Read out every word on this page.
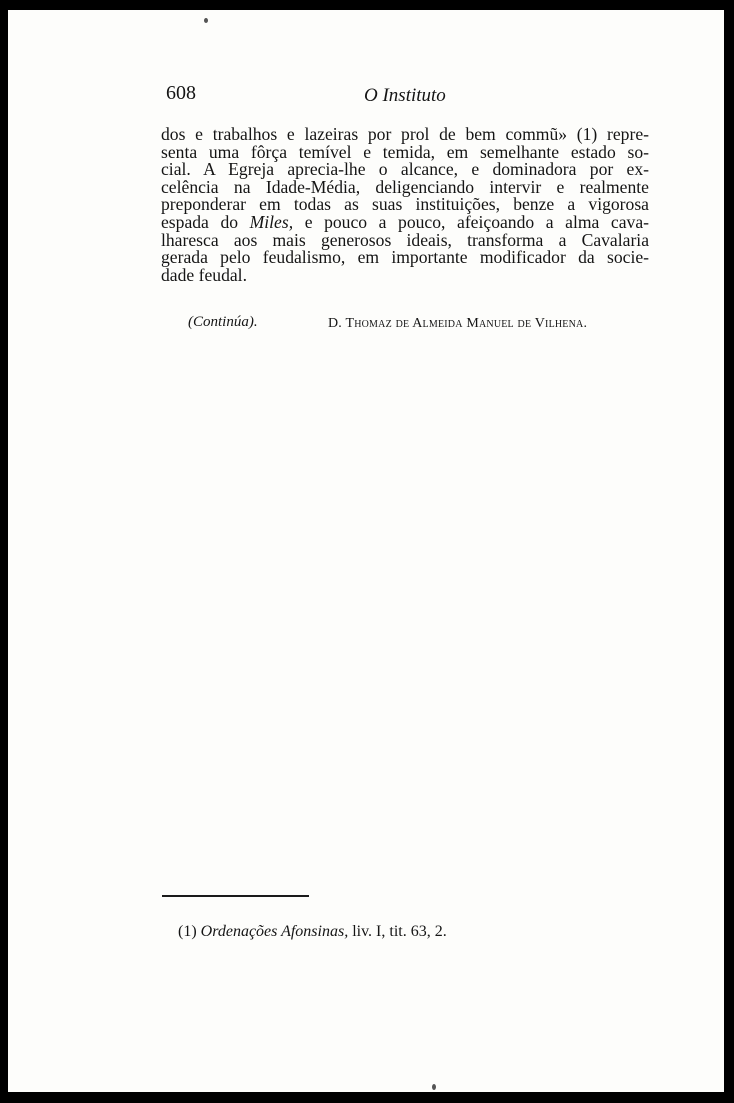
608	O Instituto

dos e trabalhos e lazeiras por prol de bem commũ» (1) repre-
senta uma fôrça temível e temida, em semelhante estado so-
cial. A Egreja aprecia-lhe o alcance, e dominadora por ex-
celência na Idade-Média, deligenciando intervir e realmente
preponderar em todas as suas instituições, benze a vigorosa
espada do Miles, e pouco a pouco, afeiçoando a alma cava-
lharesca aos mais generosos ideais, transforma a Cavalaria
gerada pelo feudalismo, em importante modificador da socie-
dade feudal.

(Continúa).	D. Thomaz de Almeida Manuel de Vilhena.
(1) Ordenações Afonsinas, liv. I, tit. 63, 2.
